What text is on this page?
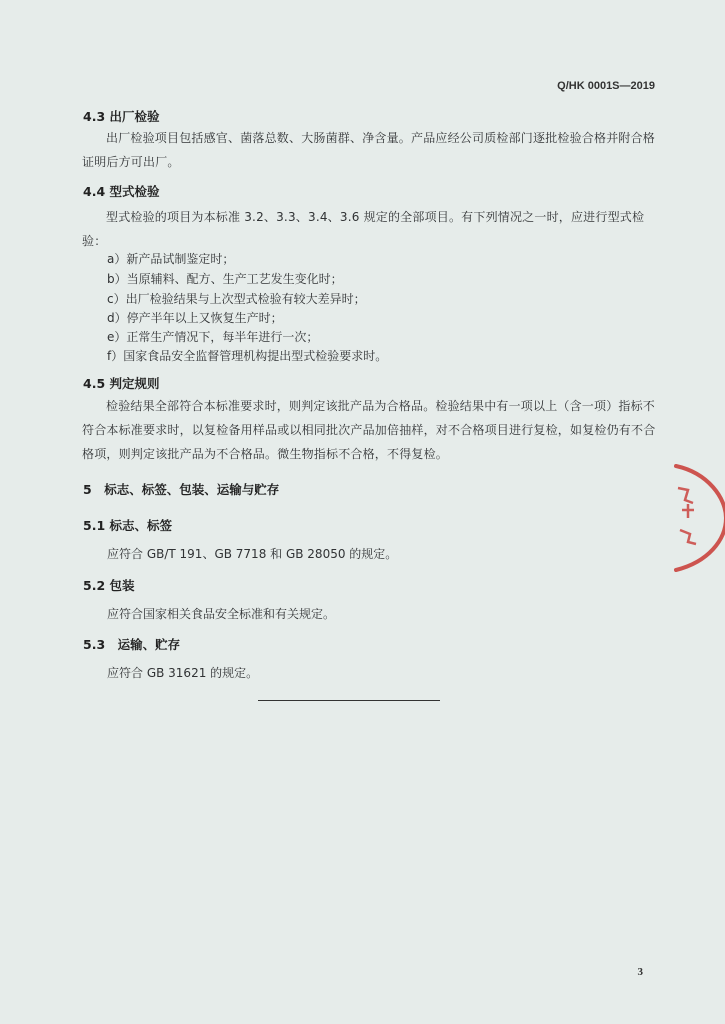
Q/HK 0001S—2019
4.3 出厂检验
出厂检验项目包括感官、菌落总数、大肠菌群、净含量。产品应经公司质检部门逐批检验合格并附合格证明后方可出厂。
4.4 型式检验
型式检验的项目为本标准 3.2、3.3、3.4、3.6 规定的全部项目。有下列情况之一时，应进行型式检验：
a）新产品试制鉴定时；
b）当原辅料、配方、生产工艺发生变化时；
c）出厂检验结果与上次型式检验有较大差异时；
d）停产半年以上又恢复生产时；
e）正常生产情况下，每半年进行一次；
f）国家食品安全监督管理机构提出型式检验要求时。
4.5 判定规则
检验结果全部符合本标准要求时，则判定该批产品为合格品。检验结果中有一项以上（含一项）指标不符合本标准要求时，以复检备用样品或以相同批次产品加倍抽样，对不合格项目进行复检，如复检仍有不合格项，则判定该批产品为不合格品。微生物指标不合格，不得复检。
5　标志、标签、包装、运输与贮存
5.1 标志、标签
应符合 GB/T 191、GB 7718 和 GB 28050 的规定。
5.2 包装
应符合国家相关食品安全标准和有关规定。
5.3　运输、贮存
应符合 GB 31621 的规定。
3
